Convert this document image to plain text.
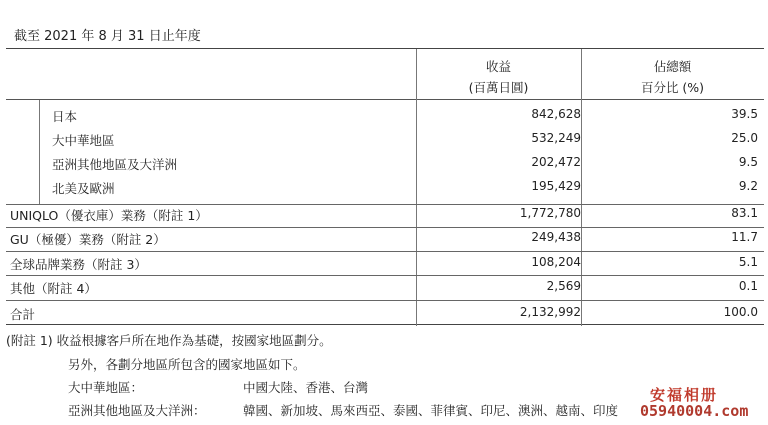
截至 2021 年 8 月 31 日止年度
收益
(百萬日圓)
佔總額
百分比 (%)
日本	842,628	39.5
大中華地區	532,249	25.0
亞洲其他地區及大洋洲	202,472	9.5
北美及歐洲	195,429	9.2
UNIQLO（優衣庫）業務（附註 1）	1,772,780	83.1
GU（極優）業務（附註 2）	249,438	11.7
全球品牌業務（附註 3）	108,204	5.1
其他（附註 4）	2,569	0.1
合計	2,132,992	100.0
(附註 1) 收益根據客戶所在地作為基礎，按國家地區劃分。
另外，各劃分地區所包含的國家地區如下。
大中華地區：	中國大陸、香港、台灣
亞洲其他地區及大洋洲：	韓國、新加坡、馬來西亞、泰國、菲律賓、印尼、澳洲、越南、印度
安福相册
05940004.com
